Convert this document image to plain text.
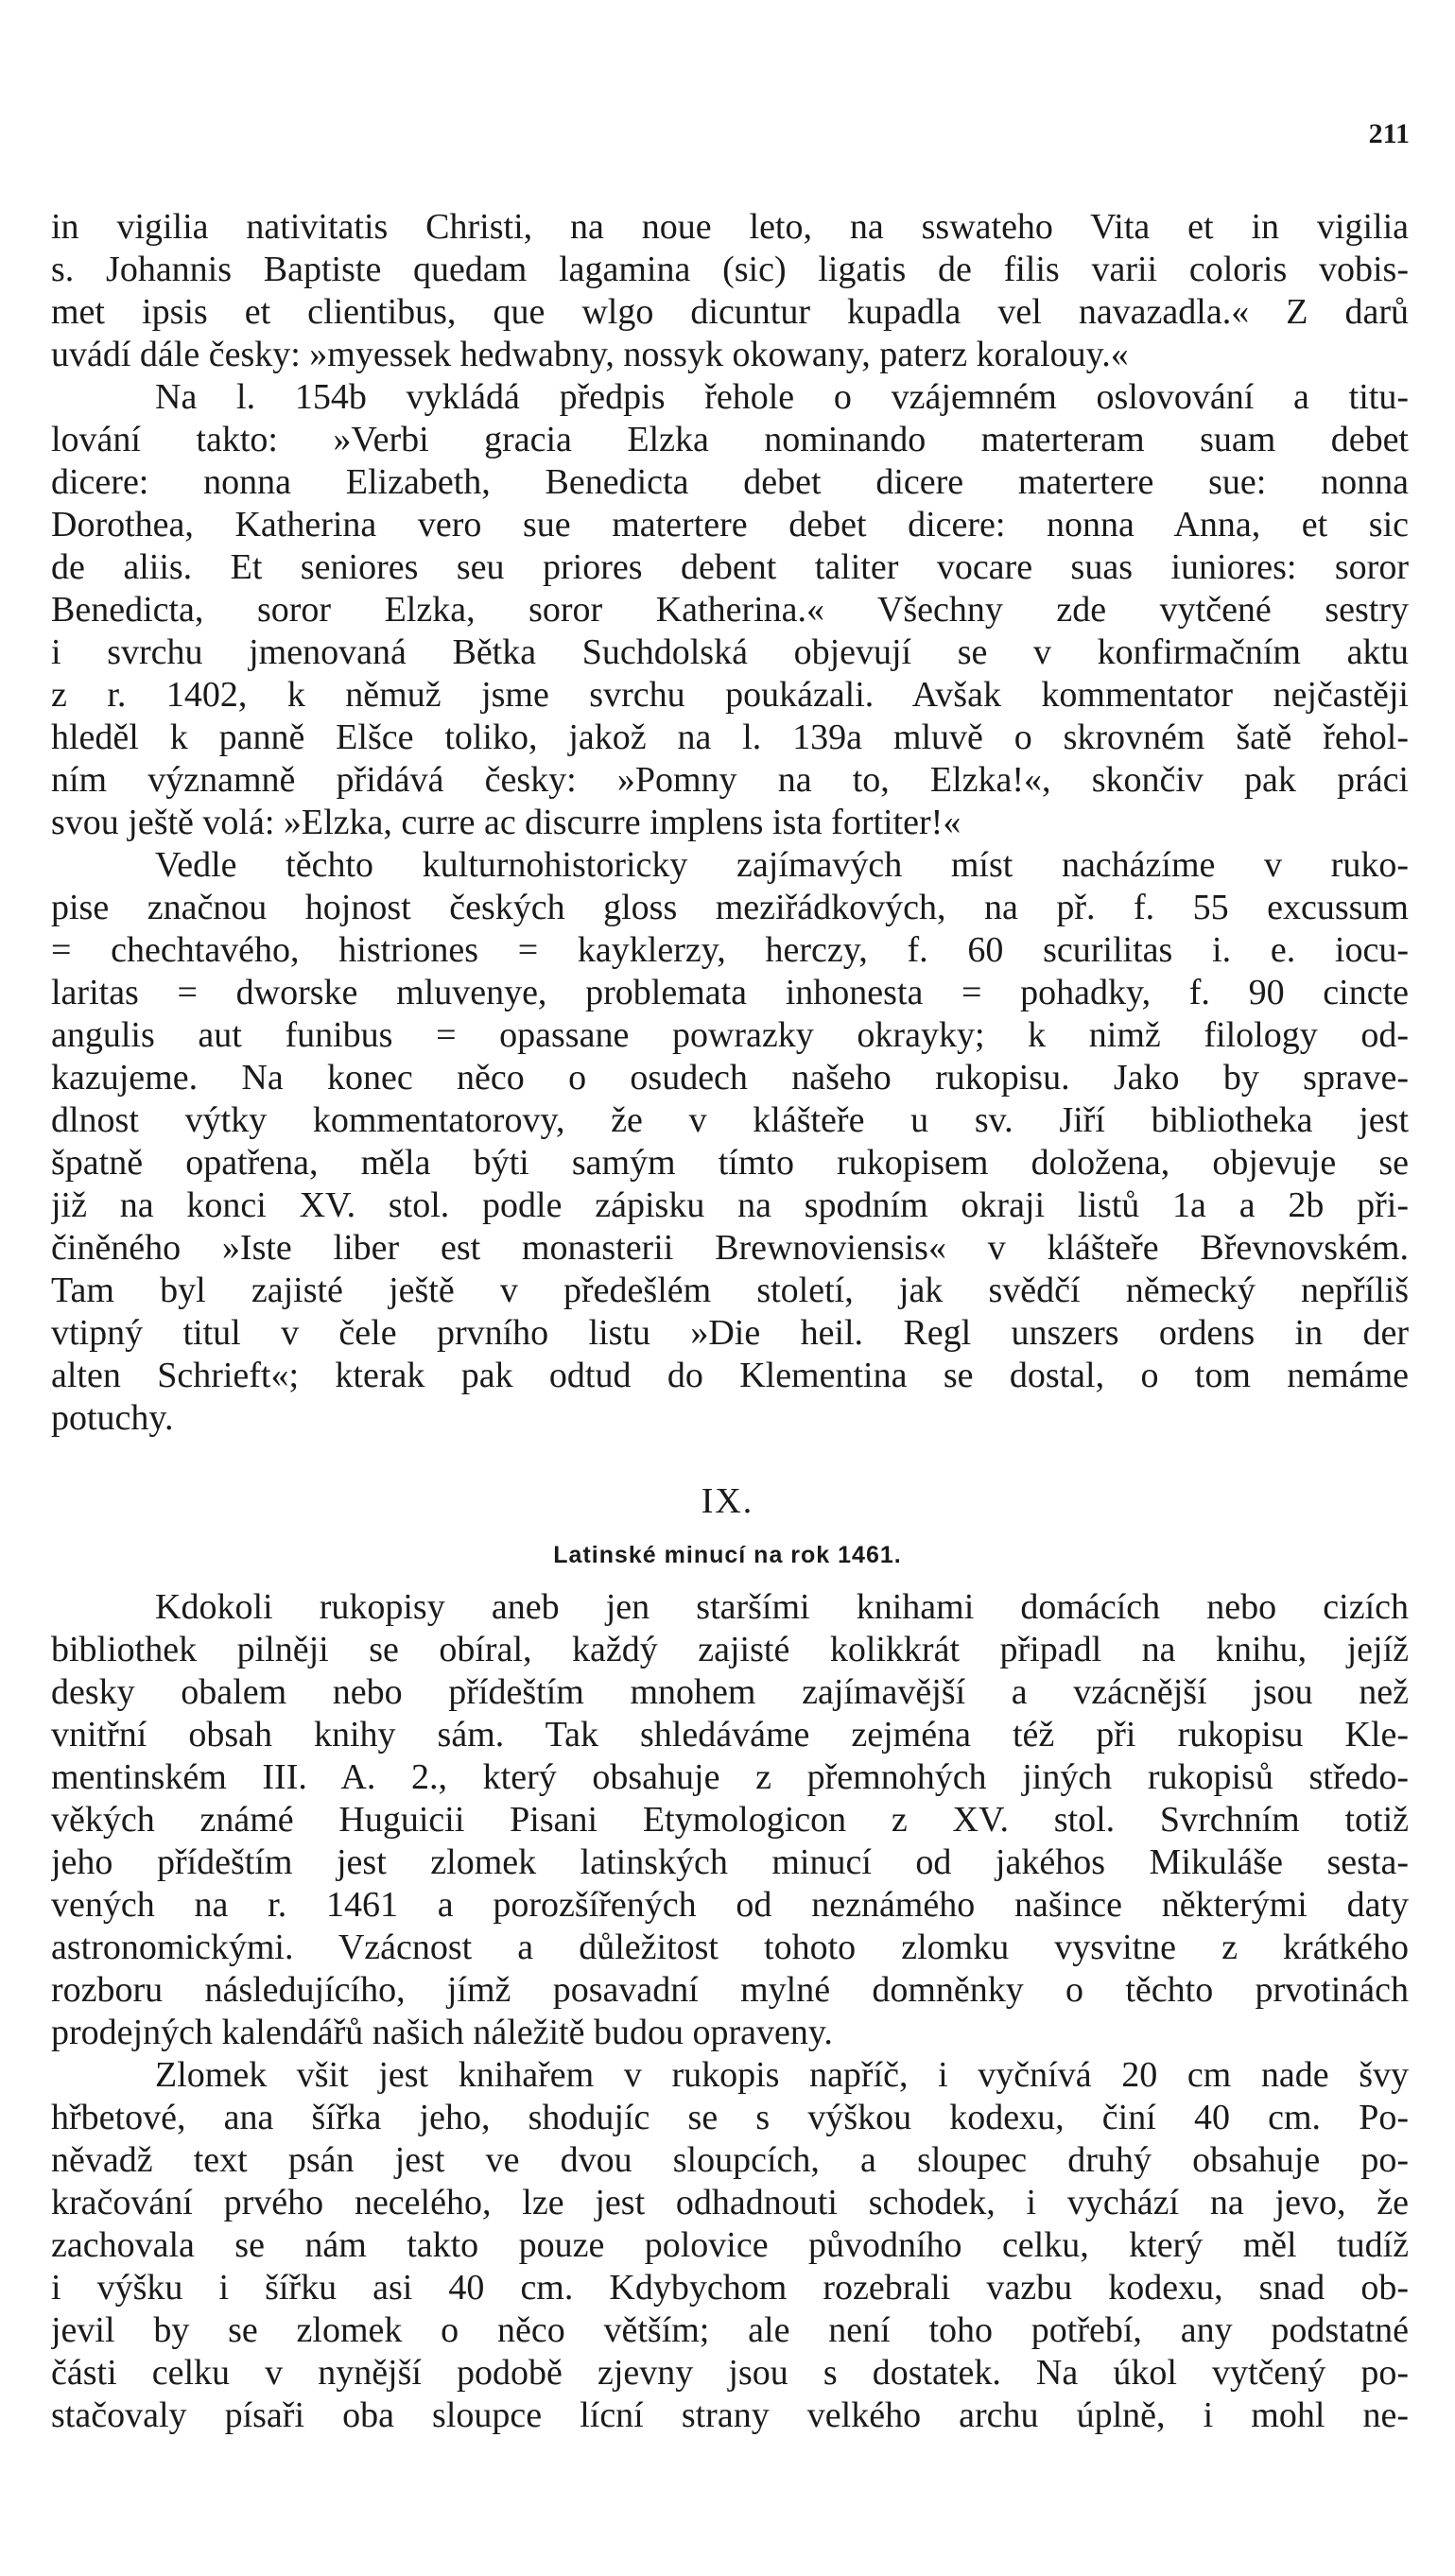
211
in vigilia nativitatis Christi, na noue leto, na sswateho Vita et in vigilia
s. Johannis Baptiste quedam lagamina (sic) ligatis de filis varii coloris vobis-
met ipsis et clientibus, que wlgo dicuntur kupadla vel navazadla.« Z darů
uvádí dále česky: »myessek hedwabny, nossyk okowany, paterz koralouy.«
Na l. 154b vykládá předpis řehole o vzájemném oslovování a titu-
lování takto: »Verbi gracia Elzka nominando materteram suam debet
dicere: nonna Elizabeth, Benedicta debet dicere matertere sue: nonna
Dorothea, Katherina vero sue matertere debet dicere: nonna Anna, et sic
de aliis. Et seniores seu priores debent taliter vocare suas iuniores: soror
Benedicta, soror Elzka, soror Katherina.« Všechny zde vytčené sestry
i svrchu jmenovaná Bětka Suchdolská objevují se v konfirmačním aktu
z r. 1402, k němuž jsme svrchu poukázali. Avšak kommentator nejčastěji
hleděl k panně Elšce toliko, jakož na l. 139a mluvě o skrovném šatě řehol-
ním významně přidává česky: »Pomny na to, Elzka!«, skončiv pak práci
svou ještě volá: »Elzka, curre ac discurre implens ista fortiter!«
Vedle těchto kulturnohistoricky zajímavých míst nacházíme v ruko-
pise značnou hojnost českých gloss meziřádkových, na př. f. 55 excussum
= chechtavého, histriones = kayklerzy, herczy, f. 60 scurilitas i. e. iocu-
laritas = dworske mluvenye, problemata inhonesta = pohadky, f. 90 cincte
angulis aut funibus = opassane powrazky okrayky; k nimž filology od-
kazujeme. Na konec něco o osudech našeho rukopisu. Jako by sprave-
dlnost výtky kommentatorovy, že v klášteře u sv. Jiří bibliotheka jest
špatně opatřena, měla býti samým tímto rukopisem doložena, objevuje se
již na konci XV. stol. podle zápisku na spodním okraji listů 1a a 2b při-
činěného »Iste liber est monasterii Brewnoviensis« v klášteře Břevnovském.
Tam byl zajisté ještě v předešlém století, jak svědčí německý nepříliš
vtipný titul v čele prvního listu »Die heil. Regl unszers ordens in der
alten Schrieft«; kterak pak odtud do Klementina se dostal, o tom nemáme
potuchy.
IX.
Latinské minucí na rok 1461.
Kdokoli rukopisy aneb jen staršími knihami domácích nebo cizích
bibliothek pilněji se obíral, každý zajisté kolikkrát připadl na knihu, jejíž
desky obalem nebo přídeštím mnohem zajímavější a vzácnější jsou než
vnitřní obsah knihy sám. Tak shledáváme zejména též při rukopisu Kle-
mentinském III. A. 2., který obsahuje z přemnohých jiných rukopisů středo-
věkých známé Huguicii Pisani Etymologicon z XV. stol. Svrchním totiž
jeho přídeštím jest zlomek latinských minucí od jakéhos Mikuláše sesta-
vených na r. 1461 a porozšířených od neznámého našince některými daty
astronomickými. Vzácnost a důležitost tohoto zlomku vysvitne z krátkého
rozboru následujícího, jímž posavadní mylné domněnky o těchto prvotinách
prodejných kalendářů našich náležitě budou opraveny.
Zlomek všit jest knihařem v rukopis napříč, i vyčnívá 20 cm nade švy
hřbetové, ana šířka jeho, shodujíc se s výškou kodexu, činí 40 cm. Po-
něvadž text psán jest ve dvou sloupcích, a sloupec druhý obsahuje po-
kračování prvého necelého, lze jest odhadnouti schodek, i vychází na jevo, že
zachovala se nám takto pouze polovice původního celku, který měl tudíž
i výšku i šířku asi 40 cm. Kdybychom rozebrali vazbu kodexu, snad ob-
jevil by se zlomek o něco větším; ale není toho potřebí, any podstatné
části celku v nynější podobě zjevny jsou s dostatek. Na úkol vytčený po-
stačovaly písaři oba sloupce lícní strany velkého archu úplně, i mohl ne-
